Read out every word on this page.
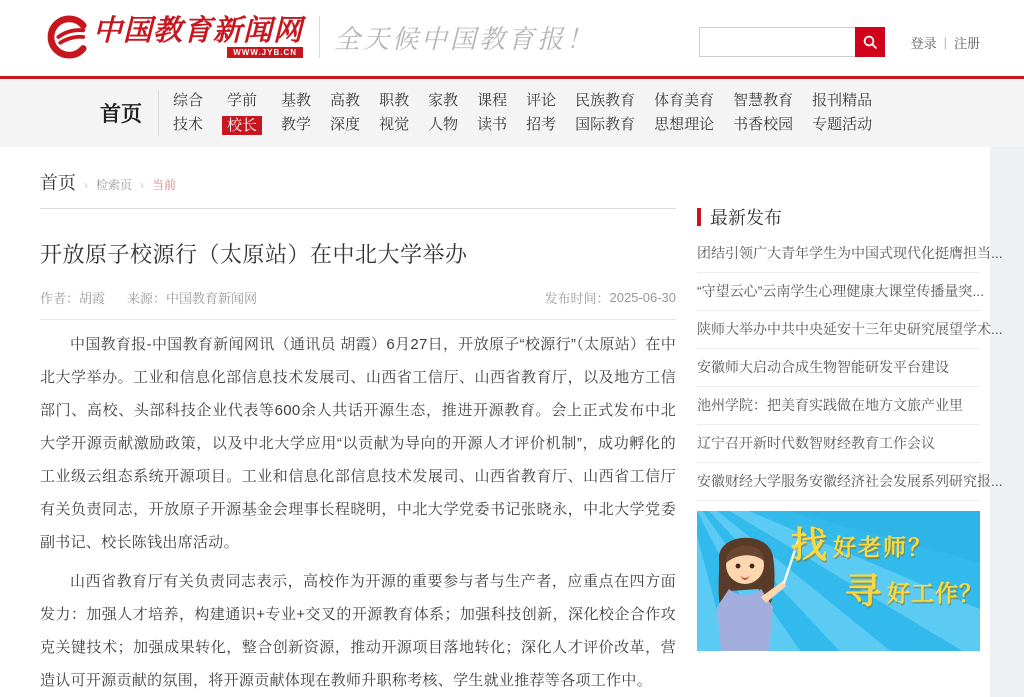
中国教育新闻网
WWW.JYB.CN 全天候中国教育报！	登录 | 注册
首页
综合
技术
学前
校长
基教
教学
高教
深度
职教
视觉
家教
人物
课程
读书
评论
招考
民族教育
国际教育
体育美育
思想理论
智慧教育
书香校园
报刊精品
专题活动
首页 › 检索页 › 当前
开放原子校源行（太原站）在中北大学举办
作者： 胡霞 来源： 中国教育新闻网	发布时间： 2025-06-30

中国教育报-中国教育新闻网讯（通讯员 胡霞）6月27日，开放原子“校源行”（太原站）在中北大学举办。工业和信息化部信息技术发展司、山西省工信厅、山西省教育厅，以及地方工信部门、高校、头部科技企业代表等600余人共话开源生态，推进开源教育。会上正式发布中北大学开源贡献激励政策，以及中北大学应用“以贡献为导向的开源人才评价机制”，成功孵化的工业级云组态系统开源项目。工业和信息化部信息技术发展司、山西省教育厅、山西省工信厅有关负责同志，开放原子开源基金会理事长程晓明，中北大学党委书记张晓永，中北大学党委副书记、校长陈钱出席活动。

山西省教育厅有关负责同志表示，高校作为开源的重要参与者与生产者，应重点在四方面发力：加强人才培养，构建通识+专业+交叉的开源教育体系；加强科技创新，深化校企合作攻克关键技术；加强成果转化，整合创新资源，推动开源项目落地转化；深化人才评价改革，营造认可开源贡献的氛围，将开源贡献体现在教师升职称考核、学生就业推荐等各项工作中。

最新发布
团结引领广大青年学生为中国式现代化挺膺担当...
“守望云心”云南学生心理健康大课堂传播量突...
陕师大举办中共中央延安十三年史研究展望学术...
安徽师大启动合成生物智能研发平台建设
池州学院：把美育实践做在地方文旅产业里
辽宁召开新时代数智财经教育工作会议
安徽财经大学服务安徽经济社会发展系列研究报...
找 好老师？
寻 好工作？
